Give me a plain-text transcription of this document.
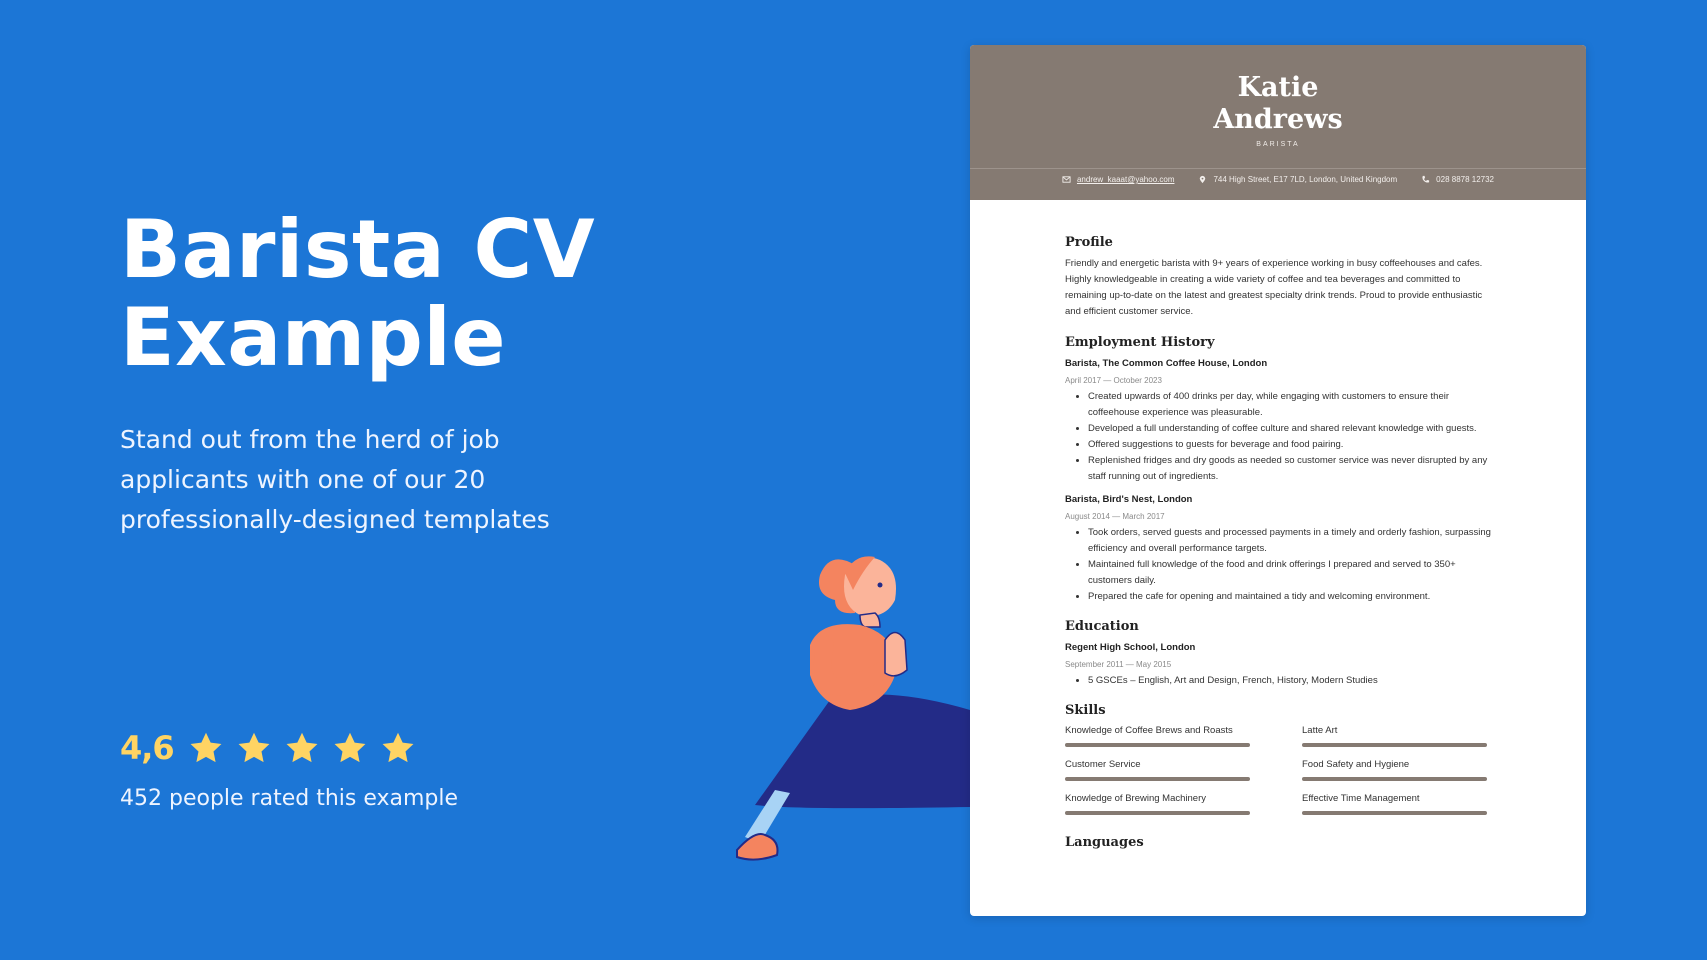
Barista CV
Example

Stand out from the herd of job applicants with one of our 20 professionally-designed templates

4,6
452 people rated this example
Katie
Andrews
BARISTA
andrew_kaaat@yahoo.com	744 High Street, E17 7LD, London, United Kingdom	028 8878 12732
Profile

Friendly and energetic barista with 9+ years of experience working in busy coffeehouses and cafes. Highly knowledgeable in creating a wide variety of coffee and tea beverages and committed to remaining up-to-date on the latest and greatest specialty drink trends. Proud to provide enthusiastic and efficient customer service.

Employment History

Barista, The Common Coffee House, London

April 2017 — October 2023

• Created upwards of 400 drinks per day, while engaging with customers to ensure their coffeehouse experience was pleasurable.
• Developed a full understanding of coffee culture and shared relevant knowledge with guests.
• Offered suggestions to guests for beverage and food pairing.
• Replenished fridges and dry goods as needed so customer service was never disrupted by any staff running out of ingredients.

Barista, Bird's Nest, London

August 2014 — March 2017

• Took orders, served guests and processed payments in a timely and orderly fashion, surpassing efficiency and overall performance targets.
• Maintained full knowledge of the food and drink offerings I prepared and served to 350+ customers daily.
• Prepared the cafe for opening and maintained a tidy and welcoming environment.
Education

Regent High School, London

September 2011 — May 2015

• 5 GSCEs – English, Art and Design, French, History, Modern Studies
Skills
Knowledge of Coffee Brews and Roasts	Latte Art
Customer Service	Food Safety and Hygiene
Knowledge of Brewing Machinery	Effective Time Management
Languages
